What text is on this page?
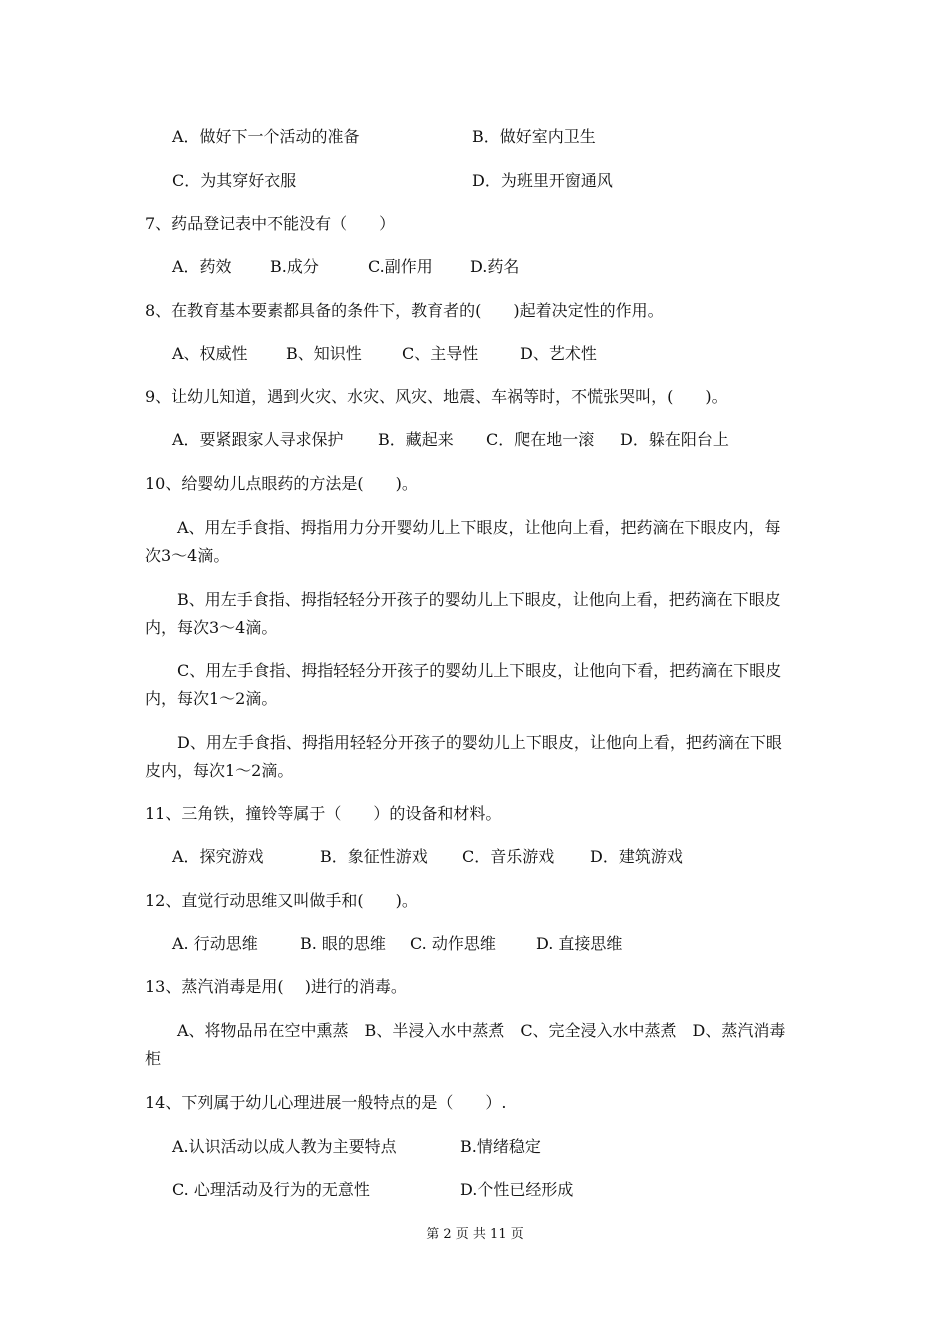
A．做好下一个活动的准备	B．做好室内卫生
C．为其穿好衣服	D．为班里开窗通风
7、药品登记表中不能没有（　　）
A．药效 B.成分	C.副作用 D.药名
8、在教育基本要素都具备的条件下，教育者的(　　)起着决定性的作用。
A、权威性 B、知识性	C、主导性	D、艺术性
9、让幼儿知道，遇到火灾、水灾、风灾、地震、车祸等时，不慌张哭叫，(　　)。
A．要紧跟家人寻求保护 B．藏起来 C．爬在地一滚 D．躲在阳台上
10、给婴幼儿点眼药的方法是(　　)。
A、用左手食指、拇指用力分开婴幼儿上下眼皮，让他向上看，把药滴在下眼皮内，每
次3～4滴。
B、用左手食指、拇指轻轻分开孩子的婴幼儿上下眼皮，让他向上看，把药滴在下眼皮
内，每次3～4滴。
C、用左手食指、拇指轻轻分开孩子的婴幼儿上下眼皮，让他向下看，把药滴在下眼皮
内，每次1～2滴。
D、用左手食指、拇指用轻轻分开孩子的婴幼儿上下眼皮，让他向上看，把药滴在下眼
皮内，每次1～2滴。
11、三角铁，撞铃等属于（　　）的设备和材料。
A．探究游戏	B．象征性游戏 C．音乐游戏 D．建筑游戏
12、直觉行动思维又叫做手和(　　)。
A. 行动思维	B. 眼的思维 C. 动作思维	D. 直接思维
13、蒸汽消毒是用(　 )进行的消毒。
A、将物品吊在空中熏蒸　B、半浸入水中蒸煮　C、完全浸入水中蒸煮　D、蒸汽消毒
柜
14、下列属于幼儿心理进展一般特点的是（　　）.
A.认识活动以成人教为主要特点	B.情绪稳定
C. 心理活动及行为的无意性	D.个性已经形成
第 2 页 共 11 页
